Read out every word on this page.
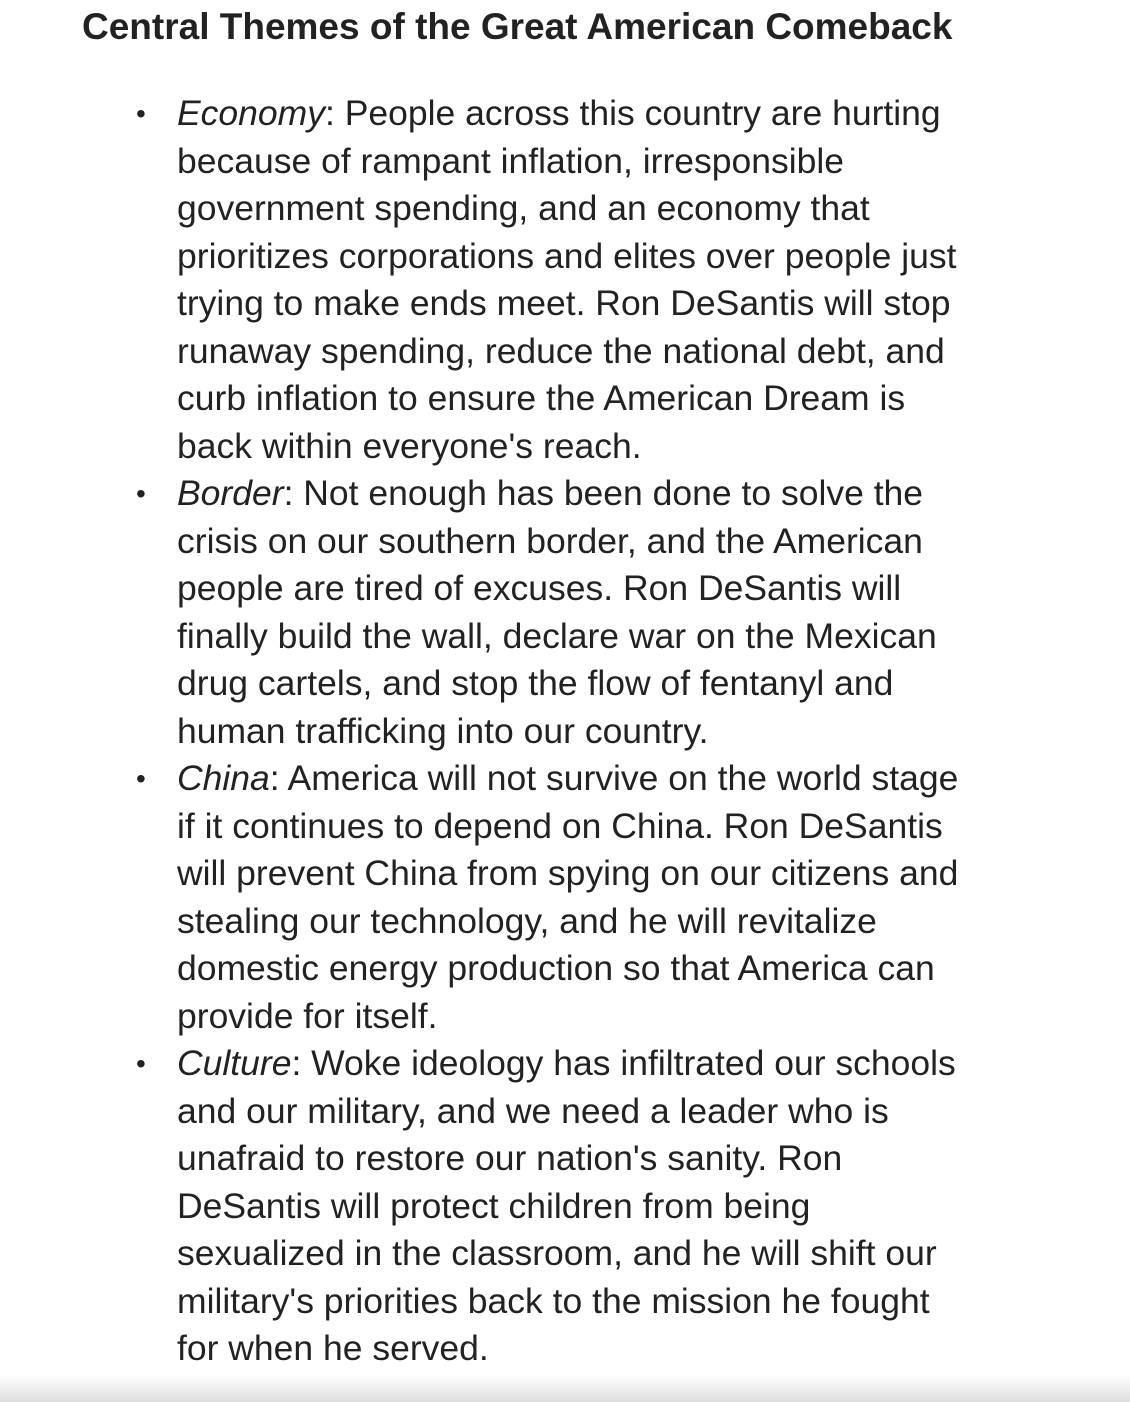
Central Themes of the Great American Comeback
• Economy: People across this country are hurting
because of rampant inflation, irresponsible
government spending, and an economy that
prioritizes corporations and elites over people just
trying to make ends meet. Ron DeSantis will stop
runaway spending, reduce the national debt, and
curb inflation to ensure the American Dream is
back within everyone's reach.
• Border: Not enough has been done to solve the
crisis on our southern border, and the American
people are tired of excuses. Ron DeSantis will
finally build the wall, declare war on the Mexican
drug cartels, and stop the flow of fentanyl and
human trafficking into our country.
• China: America will not survive on the world stage
if it continues to depend on China. Ron DeSantis
will prevent China from spying on our citizens and
stealing our technology, and he will revitalize
domestic energy production so that America can
provide for itself.
• Culture: Woke ideology has infiltrated our schools
and our military, and we need a leader who is
unafraid to restore our nation's sanity. Ron
DeSantis will protect children from being
sexualized in the classroom, and he will shift our
military's priorities back to the mission he fought
for when he served.
